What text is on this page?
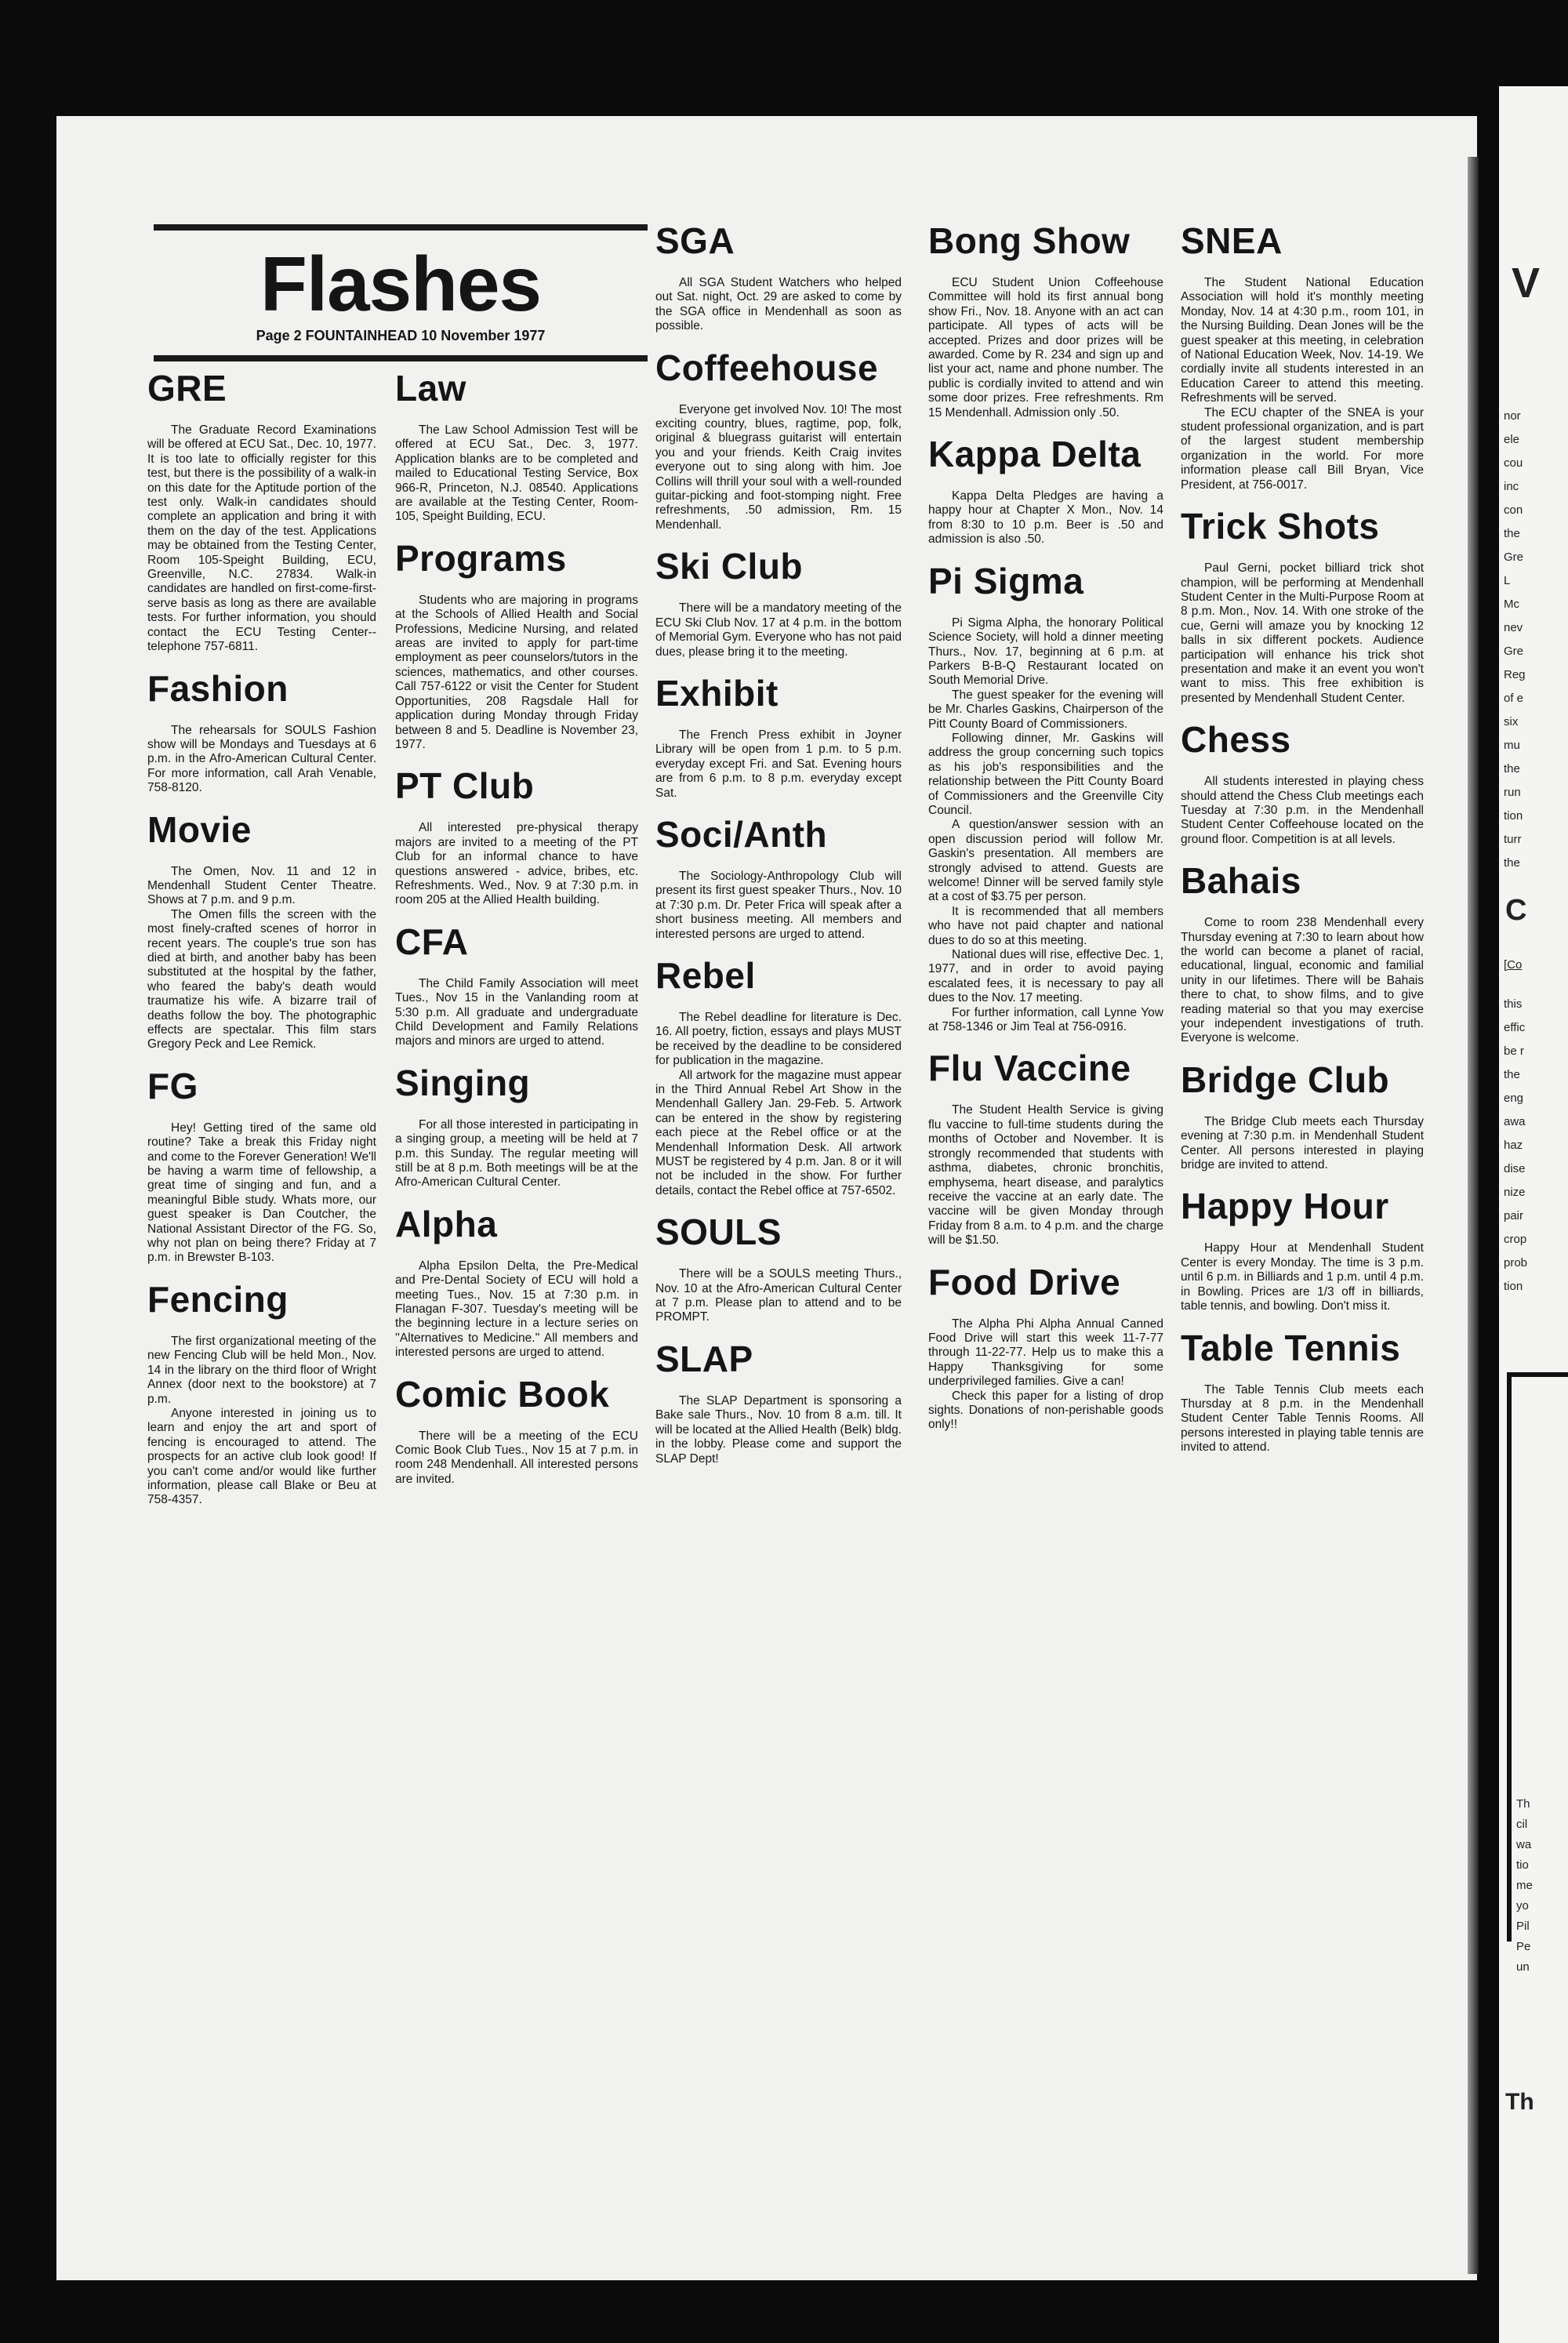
Flashes
Page 2 FOUNTAINHEAD 10 November 1977
GRE

The Graduate Record Examinations will be offered at ECU Sat., Dec. 10, 1977. It is too late to officially register for this test, but there is the possibility of a walk-in on this date for the Aptitude portion of the test only. Walk-in candidates should complete an application and bring it with them on the day of the test. Applications may be obtained from the Testing Center, Room 105-Speight Building, ECU, Greenville, N.C. 27834. Walk-in candidates are handled on first-come-first-serve basis as long as there are available tests. For further information, you should contact the ECU Testing Center--telephone 757-6811.

Fashion

The rehearsals for SOULS Fashion show will be Mondays and Tuesdays at 6 p.m. in the Afro-American Cultural Center. For more information, call Arah Venable, 758-8120.

Movie

The Omen, Nov. 11 and 12 in Mendenhall Student Center Theatre. Shows at 7 p.m. and 9 p.m.

The Omen fills the screen with the most finely-crafted scenes of horror in recent years. The couple's true son has died at birth, and another baby has been substituted at the hospital by the father, who feared the baby's death would traumatize his wife. A bizarre trail of deaths follow the boy. The photographic effects are spectalar. This film stars Gregory Peck and Lee Remick.

FG

Hey! Getting tired of the same old routine? Take a break this Friday night and come to the Forever Generation! We'll be having a warm time of fellowship, a great time of singing and fun, and a meaningful Bible study. Whats more, our guest speaker is Dan Coutcher, the National Assistant Director of the FG. So, why not plan on being there? Friday at 7 p.m. in Brewster B-103.

Fencing

The first organizational meeting of the new Fencing Club will be held Mon., Nov. 14 in the library on the third floor of Wright Annex (door next to the bookstore) at 7 p.m.

Anyone interested in joining us to learn and enjoy the art and sport of fencing is encouraged to attend. The prospects for an active club look good! If you can't come and/or would like further information, please call Blake or Beu at 758-4357.

Law

The Law School Admission Test will be offered at ECU Sat., Dec. 3, 1977. Application blanks are to be completed and mailed to Educational Testing Service, Box 966-R, Princeton, N.J. 08540. Applications are available at the Testing Center, Room-105, Speight Building, ECU.

Programs

Students who are majoring in programs at the Schools of Allied Health and Social Professions, Medicine Nursing, and related areas are invited to apply for part-time employment as peer counselors/tutors in the sciences, mathematics, and other courses. Call 757-6122 or visit the Center for Student Opportunities, 208 Ragsdale Hall for application during Monday through Friday between 8 and 5. Deadline is November 23, 1977.

PT Club

All interested pre-physical therapy majors are invited to a meeting of the PT Club for an informal chance to have questions answered - advice, bribes, etc. Refreshments. Wed., Nov. 9 at 7:30 p.m. in room 205 at the Allied Health building.

CFA

The Child Family Association will meet Tues., Nov 15 in the Vanlanding room at 5:30 p.m. All graduate and undergraduate Child Development and Family Relations majors and minors are urged to attend.

Singing

For all those interested in participating in a singing group, a meeting will be held at 7 p.m. this Sunday. The regular meeting will still be at 8 p.m. Both meetings will be at the Afro-American Cultural Center.

Alpha

Alpha Epsilon Delta, the Pre-Medical and Pre-Dental Society of ECU will hold a meeting Tues., Nov. 15 at 7:30 p.m. in Flanagan F-307. Tuesday's meeting will be the beginning lecture in a lecture series on ''Alternatives to Medicine.'' All members and interested persons are urged to attend.

Comic Book

There will be a meeting of the ECU Comic Book Club Tues., Nov 15 at 7 p.m. in room 248 Mendenhall. All interested persons are invited.

SGA

All SGA Student Watchers who helped out Sat. night, Oct. 29 are asked to come by the SGA office in Mendenhall as soon as possible.

Coffeehouse

Everyone get involved Nov. 10! The most exciting country, blues, ragtime, pop, folk, original & bluegrass guitarist will entertain you and your friends. Keith Craig invites everyone out to sing along with him. Joe Collins will thrill your soul with a well-rounded guitar-picking and foot-stomping night. Free refreshments, .50 admission, Rm. 15 Mendenhall.

Ski Club

There will be a mandatory meeting of the ECU Ski Club Nov. 17 at 4 p.m. in the bottom of Memorial Gym. Everyone who has not paid dues, please bring it to the meeting.

Exhibit

The French Press exhibit in Joyner Library will be open from 1 p.m. to 5 p.m. everyday except Fri. and Sat. Evening hours are from 6 p.m. to 8 p.m. everyday except Sat.

Soci/Anth

The Sociology-Anthropology Club will present its first guest speaker Thurs., Nov. 10 at 7:30 p.m. Dr. Peter Frica will speak after a short business meeting. All members and interested persons are urged to attend.

Rebel

The Rebel deadline for literature is Dec. 16. All poetry, fiction, essays and plays MUST be received by the deadline to be considered for publication in the magazine.

All artwork for the magazine must appear in the Third Annual Rebel Art Show in the Mendenhall Gallery Jan. 29-Feb. 5. Artwork can be entered in the show by registering each piece at the Rebel office or at the Mendenhall Information Desk. All artwork MUST be registered by 4 p.m. Jan. 8 or it will not be included in the show. For further details, contact the Rebel office at 757-6502.

SOULS

There will be a SOULS meeting Thurs., Nov. 10 at the Afro-American Cultural Center at 7 p.m. Please plan to attend and to be PROMPT.

SLAP

The SLAP Department is sponsoring a Bake sale Thurs., Nov. 10 from 8 a.m. till. It will be located at the Allied Health (Belk) bldg. in the lobby. Please come and support the SLAP Dept!

Bong Show

ECU Student Union Coffeehouse Committee will hold its first annual bong show Fri., Nov. 18. Anyone with an act can participate. All types of acts will be accepted. Prizes and door prizes will be awarded. Come by R. 234 and sign up and list your act, name and phone number. The public is cordially invited to attend and win some door prizes. Free refreshments. Rm 15 Mendenhall. Admission only .50.

Kappa Delta

Kappa Delta Pledges are having a happy hour at Chapter X Mon., Nov. 14 from 8:30 to 10 p.m. Beer is .50 and admission is also .50.

Pi Sigma

Pi Sigma Alpha, the honorary Political Science Society, will hold a dinner meeting Thurs., Nov. 17, beginning at 6 p.m. at Parkers B-B-Q Restaurant located on South Memorial Drive.

The guest speaker for the evening will be Mr. Charles Gaskins, Chairperson of the Pitt County Board of Commissioners.

Following dinner, Mr. Gaskins will address the group concerning such topics as his job's responsibilities and the relationship between the Pitt County Board of Commissioners and the Greenville City Council.

A question/answer session with an open discussion period will follow Mr. Gaskin's presentation. All members are strongly advised to attend. Guests are welcome! Dinner will be served family style at a cost of $3.75 per person.

It is recommended that all members who have not paid chapter and national dues to do so at this meeting.

National dues will rise, effective Dec. 1, 1977, and in order to avoid paying escalated fees, it is necessary to pay all dues to the Nov. 17 meeting.

For further information, call Lynne Yow at 758-1346 or Jim Teal at 756-0916.

Flu Vaccine

The Student Health Service is giving flu vaccine to full-time students during the months of October and November. It is strongly recommended that students with asthma, diabetes, chronic bronchitis, emphysema, heart disease, and paralytics receive the vaccine at an early date. The vaccine will be given Monday through Friday from 8 a.m. to 4 p.m. and the charge will be $1.50.

Food Drive

The Alpha Phi Alpha Annual Canned Food Drive will start this week 11-7-77 through 11-22-77. Help us to make this a Happy Thanksgiving for some underprivileged families. Give a can!

Check this paper for a listing of drop sights. Donations of non-perishable goods only!!

SNEA

The Student National Education Association will hold it's monthly meeting Monday, Nov. 14 at 4:30 p.m., room 101, in the Nursing Building. Dean Jones will be the guest speaker at this meeting, in celebration of National Education Week, Nov. 14-19. We cordially invite all students interested in an Education Career to attend this meeting. Refreshments will be served.

The ECU chapter of the SNEA is your student professional organization, and is part of the largest student membership organization in the world. For more information please call Bill Bryan, Vice President, at 756-0017.

Trick Shots

Paul Gerni, pocket billiard trick shot champion, will be performing at Mendenhall Student Center in the Multi-Purpose Room at 8 p.m. Mon., Nov. 14. With one stroke of the cue, Gerni will amaze you by knocking 12 balls in six different pockets. Audience participation will enhance his trick shot presentation and make it an event you won't want to miss. This free exhibition is presented by Mendenhall Student Center.

Chess

All students interested in playing chess should attend the Chess Club meetings each Tuesday at 7:30 p.m. in the Mendenhall Student Center Coffeehouse located on the ground floor. Competition is at all levels.

Bahais

Come to room 238 Mendenhall every Thursday evening at 7:30 to learn about how the world can become a planet of racial, educational, lingual, economic and familial unity in our lifetimes. There will be Bahais there to chat, to show films, and to give reading material so that you may exercise your independent investigations of truth. Everyone is welcome.

Bridge Club

The Bridge Club meets each Thursday evening at 7:30 p.m. in Mendenhall Student Center. All persons interested in playing bridge are invited to attend.

Happy Hour

Happy Hour at Mendenhall Student Center is every Monday. The time is 3 p.m. until 6 p.m. in Billiards and 1 p.m. until 4 p.m. in Bowling. Prices are 1/3 off in billiards, table tennis, and bowling. Don't miss it.

Table Tennis

The Table Tennis Club meets each Thursday at 8 p.m. in the Mendenhall Student Center Table Tennis Rooms. All persons interested in playing table tennis are invited to attend.

V
nor
ele
cou
inc
con
the
Gre
L
Mc
nev
Gre
Reg
of e
six
mu
the
run
tion
turr
the
this
effic
be r
the
eng
awa
haz
dise
nize
pair
crop
prob
tion
Th
cil
wa
tio
me
yo
Pil
Pe
un
C
[Co
Th
